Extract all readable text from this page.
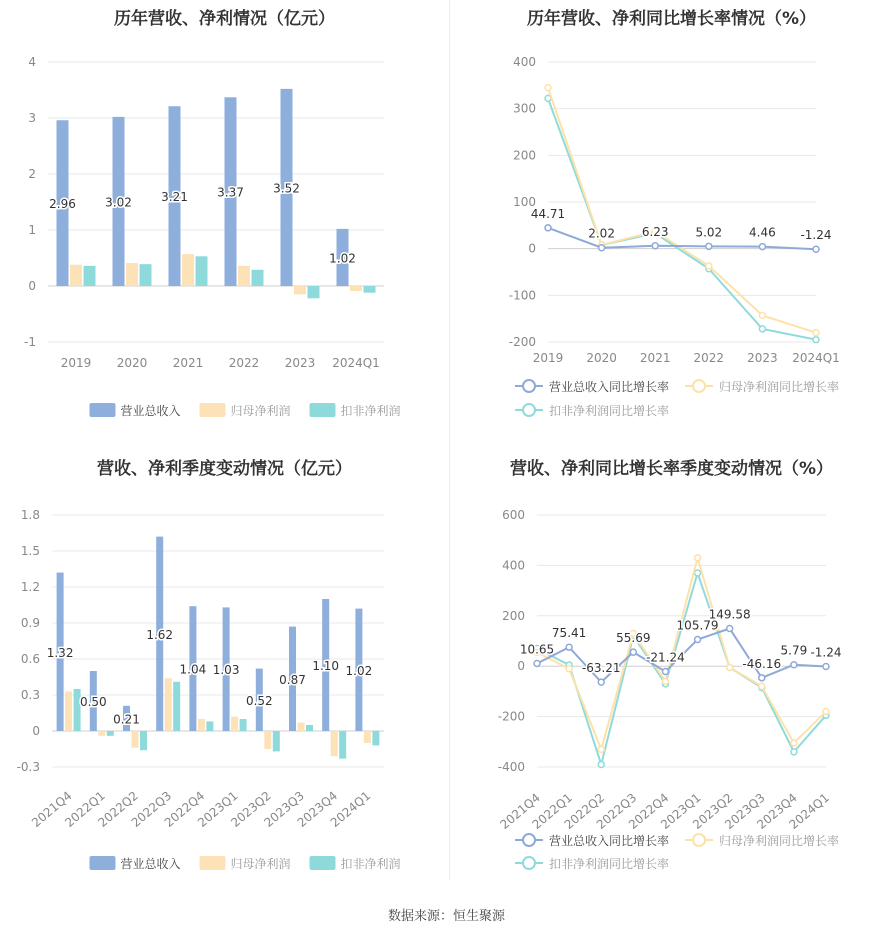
历年营收、净利情况（亿元）
-1
0
1
2
3
4
2.96 3.02 3.21 3.37 3.52
1.02
2019 2020 2021 2022 2023 2024Q1
营业总收入	归母净利润	扣非净利润
历年营收、净利同比增长率情况（%）
-200
-100
0
100
200
300
400
44.71
2.02 6.23 5.02 4.46 -1.24
2019 2020 2021 2022 2023 2024Q1
营业总收入同比增长率	归母净利润同比增长率
扣非净利润同比增长率
营收、净利季度变动情况（亿元）
-0.3
0
0.3
0.6
0.9
1.2
1.5
1.8
1.32
0.50
0.21
1.62
1.04 1.03
0.52
0.87
1.10 1.02
2021Q4
2022Q1
2022Q2
2022Q3
2022Q4
2023Q1
2023Q2
2023Q3
2023Q4
2024Q1
营业总收入	归母净利润	扣非净利润
营收、净利同比增长率季度变动情况（%）
-400
-200
0
200
400
600
10.65
75.41
-63.21
55.69
-21.24
105.79
149.58
-46.16
5.79 -1.24
2021Q4
2022Q1
2022Q2
2022Q3
2022Q4
2023Q1
2023Q2
2023Q3
2023Q4
2024Q1
营业总收入同比增长率	归母净利润同比增长率
扣非净利润同比增长率
数据来源：恒生聚源
